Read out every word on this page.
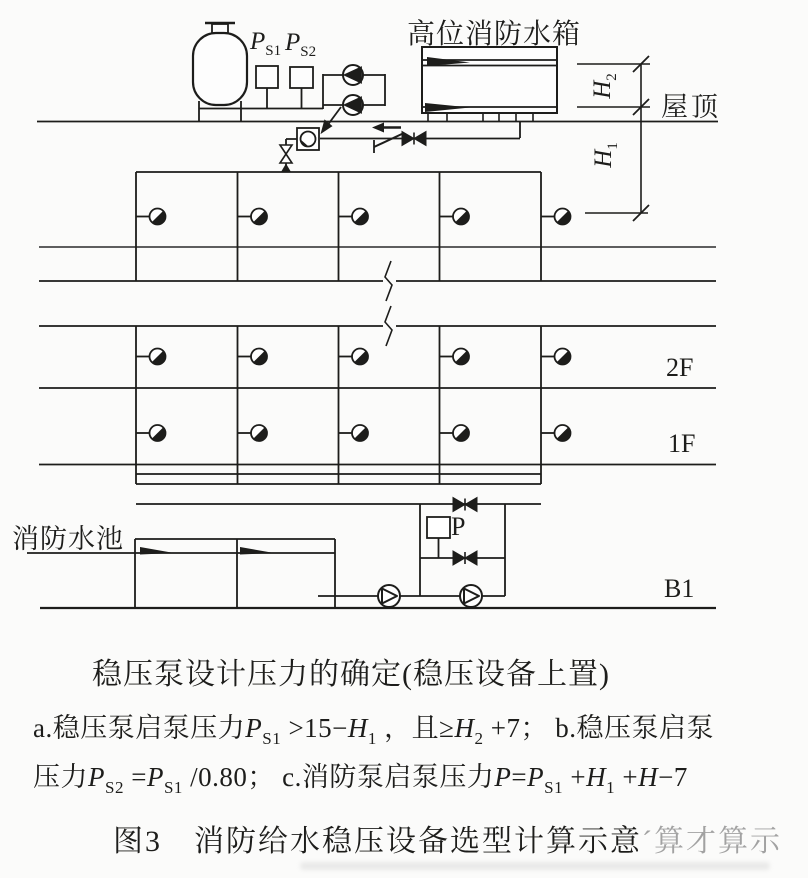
高位消防水箱
屋顶
2F
1F
B1
消防水池	P
$P_{S1}$ $P_{S2}$
$H_2$
$H_1$
稳压泵设计压力的确定(稳压设备上置)
a.稳压泵启泵压力$P_{S1} >15-H_1$ ，且$\ge H_2 +7$； b.稳压泵启泵
压力$P_{S2} =P_{S1}$ /0.80； c.消防泵启泵压力$P=P_{S1} +H_1 +H-7$
图3　消防给水稳压设备选型计算示意ˊ算才算示
